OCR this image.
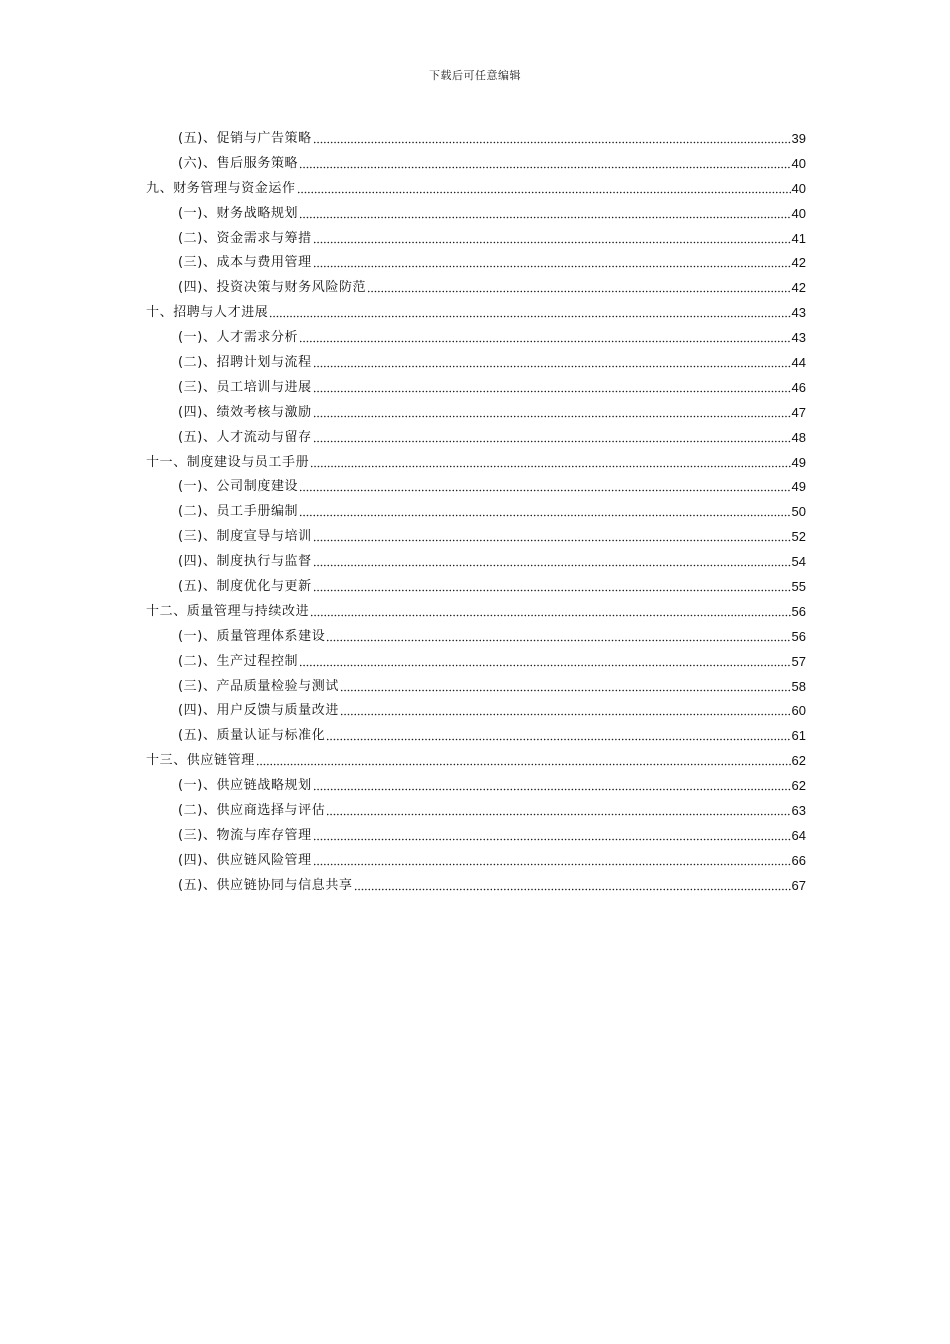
下载后可任意编辑
(五)、促销与广告策略	39
(六)、售后服务策略	40
九、财务管理与资金运作	40
(一)、财务战略规划	40
(二)、资金需求与筹措	41
(三)、成本与费用管理	42
(四)、投资决策与财务风险防范	42
十、招聘与人才进展	43
(一)、人才需求分析	43
(二)、招聘计划与流程	44
(三)、员工培训与进展	46
(四)、绩效考核与激励	47
(五)、人才流动与留存	48
十一、制度建设与员工手册	49
(一)、公司制度建设	49
(二)、员工手册编制	50
(三)、制度宣导与培训	52
(四)、制度执行与监督	54
(五)、制度优化与更新	55
十二、质量管理与持续改进	56
(一)、质量管理体系建设	56
(二)、生产过程控制	57
(三)、产品质量检验与测试	58
(四)、用户反馈与质量改进	60
(五)、质量认证与标准化	61
十三、供应链管理	62
(一)、供应链战略规划	62
(二)、供应商选择与评估	63
(三)、物流与库存管理	64
(四)、供应链风险管理	66
(五)、供应链协同与信息共享	67
